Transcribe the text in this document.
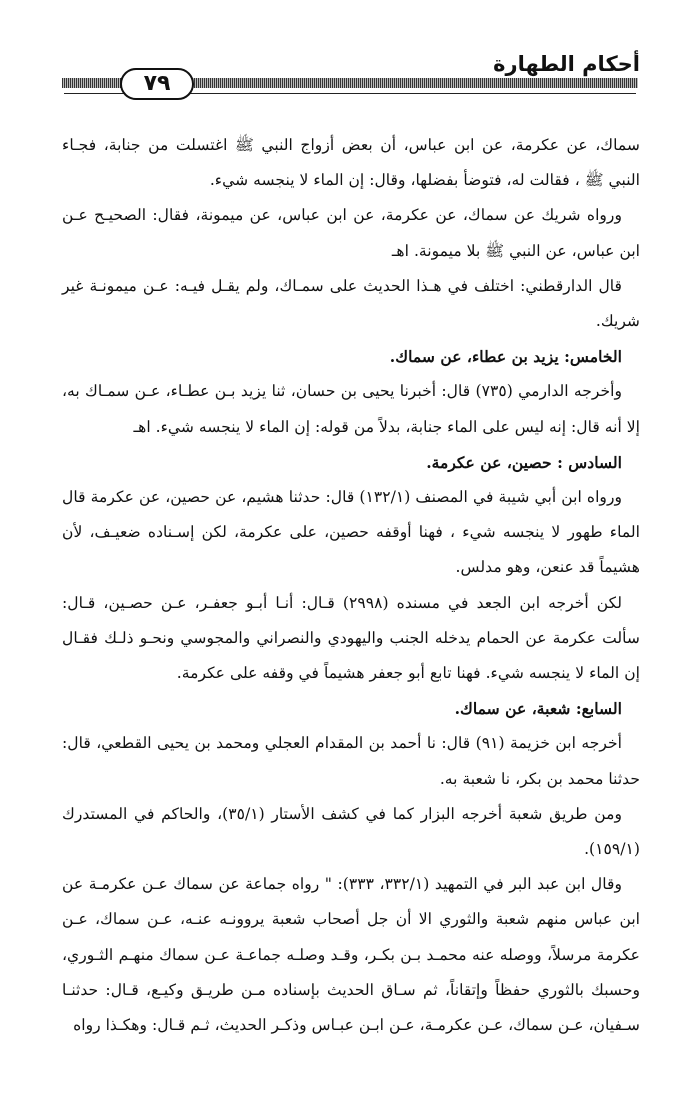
أحكام الطهارة
٧٩

سماك، عن عكرمة، عن ابن عباس، أن بعض أزواج النبي ﷺ اغتسلت من جنابة، فجـاء النبي ﷺ ، فقالت له، فتوضأ بفضلها، وقال: إن الماء لا ينجسه شيء.

ورواه شريك عن سماك، عن عكرمة، عن ابن عباس، عن ميمونة، فقال: الصحيـح عـن ابن عباس، عن النبي ﷺ بلا ميمونة. اهـ

قال الدارقطني: اختلف في هـذا الحديث على سمـاك، ولم يقـل فيـه: عـن ميمونـة غير شريك.

الخامس: يزيد بن عطاء، عن سماك.

وأخرجه الدارمي (٧٣٥) قال: أخبرنا يحيى بن حسان، ثنا يزيد بـن عطـاء، عـن سمـاك به، إلا أنه قال: إنه ليس على الماء جنابة، بدلاً من قوله: إن الماء لا ينجسه شيء. اهـ

السادس : حصين، عن عكرمة.

ورواه ابن أبي شيبة في المصنف (١٣٢/١) قال: حدثنا هشيم، عن حصين، عن عكرمة قال الماء طهور لا ينجسه شيء ، فهنا أوقفه حصين، على عكرمة، لكن إسـناده ضعيـف، لأن هشيماً قد عنعن، وهو مدلس.

لكن أخرجه ابن الجعد في مسنده (٢٩٩٨) قـال: أنـا أبـو جعفـر، عـن حصـين، قـال: سألت عكرمة عن الحمام يدخله الجنب واليهودي والنصراني والمجوسي ونحـو ذلـك فقـال إن الماء لا ينجسه شيء. فهنا تابع أبو جعفر هشيماً في وقفه على عكرمة.

السابع: شعبة، عن سماك.

أخرجه ابن خزيمة (٩١) قال: نا أحمد بن المقدام العجلي ومحمد بن يحيى القطعي، قال: حدثنا محمد بن بكر، نا شعبة به.

ومن طريق شعبة أخرجه البزار كما في كشف الأستار (٣٥/١)، والحاكم في المستدرك (١٥٩/١).

وقال ابن عبد البر في التمهيد (٣٣٢/١، ٣٣٣): " رواه جماعة عن سماك عـن عكرمـة عن ابن عباس منهم شعبة والثوري الا أن جل أصحاب شعبة يروونـه عنـه، عـن سماك، عـن عكرمة مرسلاً، ووصله عنه محمـد بـن بكـر، وقـد وصلـه جماعـة عـن سماك منهـم الثـوري، وحسبك بالثوري حفظاً وإتقاناً، ثم سـاق الحديث بإسناده مـن طريـق وكيـع، قـال: حدثنـا سـفيان، عـن سماك، عـن عكرمـة، عـن ابـن عبـاس وذكـر الحديث، ثـم قـال: وهكـذا رواه
